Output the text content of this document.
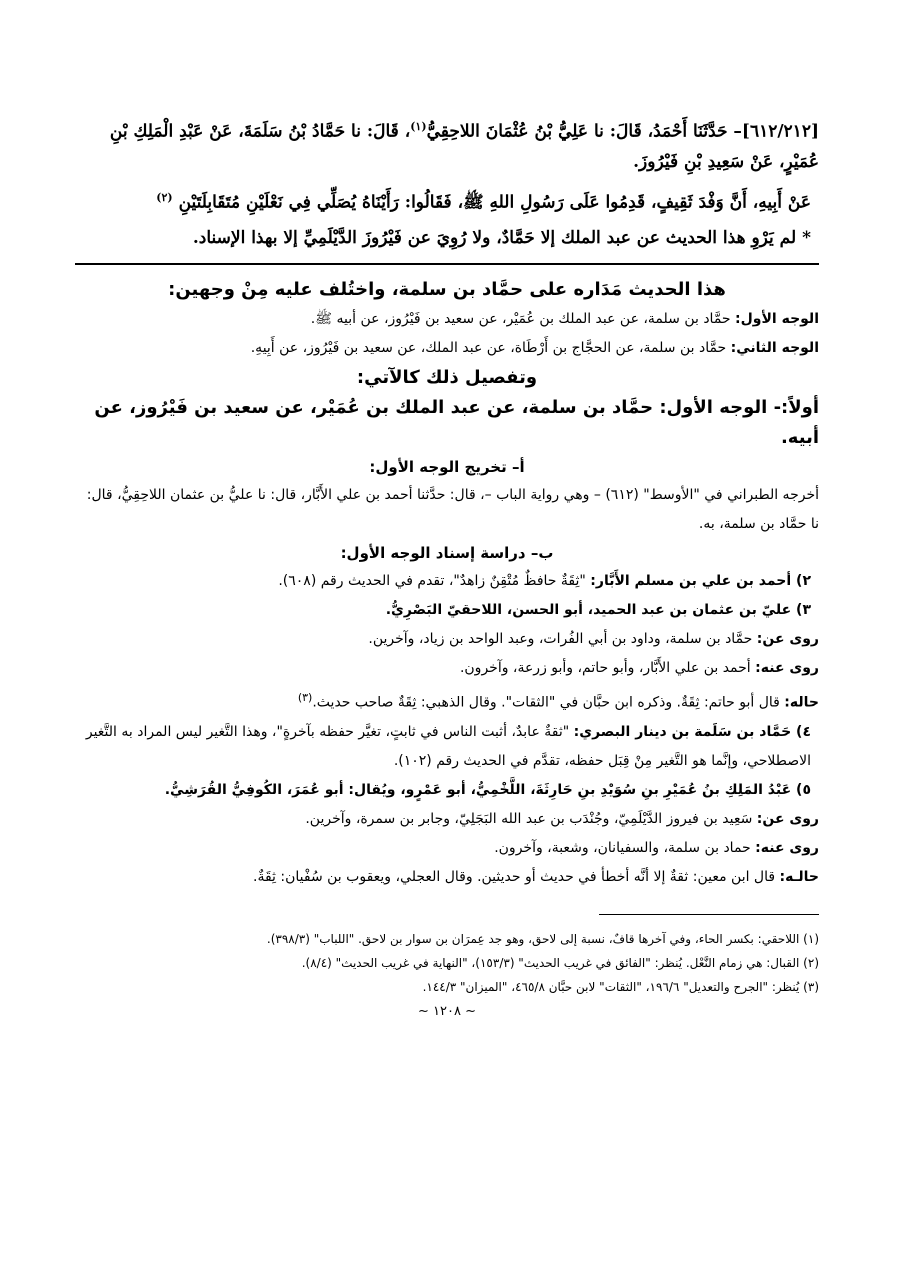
[٦١٢/٢١٢]– حَدَّثَنَا أَحْمَدُ، قَالَ: نا عَلِيُّ بْنُ عُثْمَانَ اللاحِقِيُّ$^{(١)}$، قَالَ: نا حَمَّادُ بْنُ سَلَمَةَ، عَنْ عَبْدِ الْمَلِكِ بْنِ عُمَيْرٍ، عَنْ سَعِيدِ بْنِ فَيْرُوزَ.

عَنْ أَبِيهِ، أَنَّ وَفْدَ ثَقِيفٍ، قَدِمُوا عَلَى رَسُولِ اللهِ ﷺ، فَقَالُوا: رَأَيْنَاهُ يُصَلِّي فِي نَعْلَيْنِ مُتَقَابِلَتَيْنِ $^{(٢)}$

* لم يَرْوِ هذا الحديث عن عبد الملك إلا حَمَّادٌ، ولا رُوِيَ عن فَيْرُوزَ الدَّيْلَمِيِّ إلا بهذا الإسناد.

هذا الحديث مَدَاره على حمَّاد بن سلمة، واختُلف عليه مِنْ وجهين:

الوجه الأول: حمَّاد بن سلمة، عن عبد الملك بن عُمَيْر، عن سعيد بن فَيْرُوز، عن أبيه ﷺ.

الوجه الثاني: حمَّاد بن سلمة، عن الحجَّاج بن أَرْطَاة، عن عبد الملك، عن سعيد بن فَيْرُوز، عن أَبِيهِ.

وتفصيل ذلك كالآتي:
أولاً:- الوجه الأول: حمَّاد بن سلمة، عن عبد الملك بن عُمَيْر، عن سعيد بن فَيْرُوز، عن أبيه.
أ– تخريج الوجه الأول:

أخرجه الطبراني في "الأوسط" (٦١٢) – وهي رواية الباب –، قال: حدَّثنا أحمد بن علي الأَبَّار، قال: نا عليُّ بن عثمان اللاحِقِيُّ، قال: نا حمَّاد بن سلمة، به.

ب– دراسة إسناد الوجه الأول:

٢) أحمد بن علي بن مسلم الأَبَّار: "ثِقَةٌ حافظٌ مُتْقِنٌ زاهدٌ"، تقدم في الحديث رقم (٦٠٨).

٣) عليّ بن عثمان بن عبد الحميد، أبو الحسن، اللاحقيّ البَصْرِيُّ.

روى عن: حمَّاد بن سلمة، وداود بن أبي الفُرات، وعبد الواحد بن زياد، وآخرين.

روى عنه: أحمد بن علي الأَبَّار، وأبو حاتم، وأبو زرعة، وآخرون.

حاله: قال أبو حاتم: ثِقَةٌ. وذكره ابن حبَّان في "الثقات". وقال الذهبي: ثِقَةٌ صاحب حديث.$^{(٣)}$

٤) حَمَّاد بن سَلَمة بن دينار البصري: "ثقةٌ عابدٌ، أثبت الناس في ثابتٍ، تغيَّر حفظه بآخرةٍ"، وهذا التَّغير ليس المراد به التَّغير الاصطلاحي، وإنَّما هو التَّغير مِنْ قِبَل حفظه، تقدَّم في الحديث رقم (١٠٢).

٥) عَبْدُ المَلِكِ بنُ عُمَيْرِ بنِ سُوَيْدِ بنِ حَارِثَةَ، اللَّخْمِيُّ، أبو عَمْرٍو، ويُقال: أبو عُمَرَ، الكُوفِيُّ القُرَشِيُّ.

روى عن: سَعِيد بن فيروز الدَّيْلَمِيّ، وجُنْدَب بن عبد الله البَجَلِيّ، وجابر بن سمرة، وآخرين.

روى عنه: حماد بن سلمة، والسفيانان، وشعبة، وآخرون.

حالـه: قال ابن معين: ثقةٌ إلا أنَّه أخطأ في حديث أو حديثين. وقال العجلي، ويعقوب بن سُفْيان: ثِقَةٌ.

(١) اللاحقي: بكسر الحاء، وفي آخرها قافٌ، نسبة إلى لاحق، وهو جد عِمرَان بن سوار بن لاحق. "اللباب" (٣٩٨/٣).

(٢) القبال: هي زمام النَّعْل. يُنظر: "الفائق في غريب الحديث" (١٥٣/٣)، "النهاية في غريب الحديث" (٨/٤).

(٣) يُنظر: "الجرح والتعديل" ١٩٦/٦، "الثقات" لابن حبَّان ٤٦٥/٨، "الميزان" ١٤٤/٣.

~ ١٢٠٨ ~
